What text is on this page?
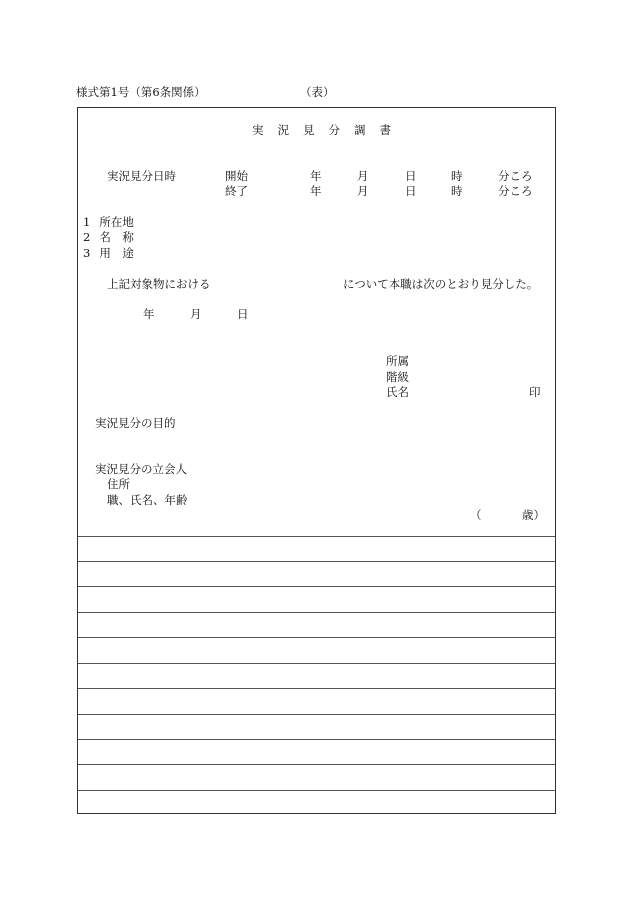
様式第1号（第6条関係）	（表）
実 況 見 分 調 書
実況見分日時	開始	年	月	日	時	分ころ
終了	年	月	日	時	分ころ
1 所在地
2 名　称
3 用　途
上記対象物における	について本職は次のとおり見分した。
年	月	日
所属
階級
氏名	印
実況見分の目的
実況見分の立会人
住所
職、氏名、年齢
（	歳）
